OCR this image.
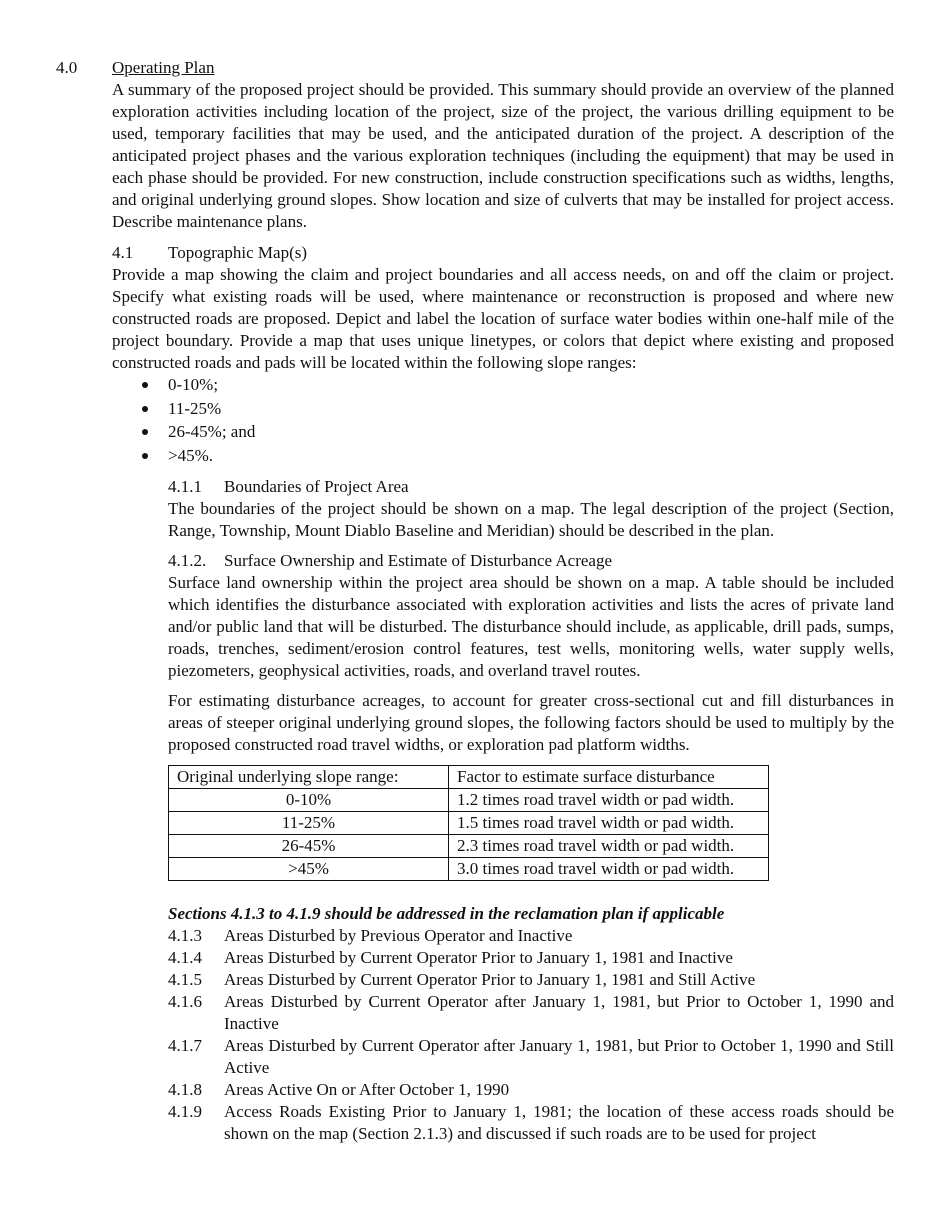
4.0 Operating Plan
A summary of the proposed project should be provided. This summary should provide an overview of the planned exploration activities including location of the project, size of the project, the various drilling equipment to be used, temporary facilities that may be used, and the anticipated duration of the project. A description of the anticipated project phases and the various exploration techniques (including the equipment) that may be used in each phase should be provided. For new construction, include construction specifications such as widths, lengths, and original underlying ground slopes. Show location and size of culverts that may be installed for project access. Describe maintenance plans.
4.1 Topographic Map(s)
Provide a map showing the claim and project boundaries and all access needs, on and off the claim or project. Specify what existing roads will be used, where maintenance or reconstruction is proposed and where new constructed roads are proposed. Depict and label the location of surface water bodies within one-half mile of the project boundary. Provide a map that uses unique linetypes, or colors that depict where existing and proposed constructed roads and pads will be located within the following slope ranges:
0-10%;
11-25%
26-45%; and
>45%.
4.1.1 Boundaries of Project Area
The boundaries of the project should be shown on a map. The legal description of the project (Section, Range, Township, Mount Diablo Baseline and Meridian) should be described in the plan.
4.1.2. Surface Ownership and Estimate of Disturbance Acreage
Surface land ownership within the project area should be shown on a map. A table should be included which identifies the disturbance associated with exploration activities and lists the acres of private land and/or public land that will be disturbed. The disturbance should include, as applicable, drill pads, sumps, roads, trenches, sediment/erosion control features, test wells, monitoring wells, water supply wells, piezometers, geophysical activities, roads, and overland travel routes.
For estimating disturbance acreages, to account for greater cross-sectional cut and fill disturbances in areas of steeper original underlying ground slopes, the following factors should be used to multiply by the proposed constructed road travel widths, or exploration pad platform widths.
Original underlying slope range:	Factor to estimate surface disturbance
0-10%	1.2 times road travel width or pad width.
11-25%	1.5 times road travel width or pad width.
26-45%	2.3 times road travel width or pad width.
>45%	3.0 times road travel width or pad width.
Sections 4.1.3 to 4.1.9 should be addressed in the reclamation plan if applicable
4.1.3 Areas Disturbed by Previous Operator and Inactive
4.1.4 Areas Disturbed by Current Operator Prior to January 1, 1981 and Inactive
4.1.5 Areas Disturbed by Current Operator Prior to January 1, 1981 and Still Active
4.1.6 Areas Disturbed by Current Operator after January 1, 1981, but Prior to October 1, 1990 and Inactive
4.1.7 Areas Disturbed by Current Operator after January 1, 1981, but Prior to October 1, 1990 and Still Active
4.1.8 Areas Active On or After October 1, 1990
4.1.9 Access Roads Existing Prior to January 1, 1981; the location of these access roads should be shown on the map (Section 2.1.3) and discussed if such roads are to be used for project
